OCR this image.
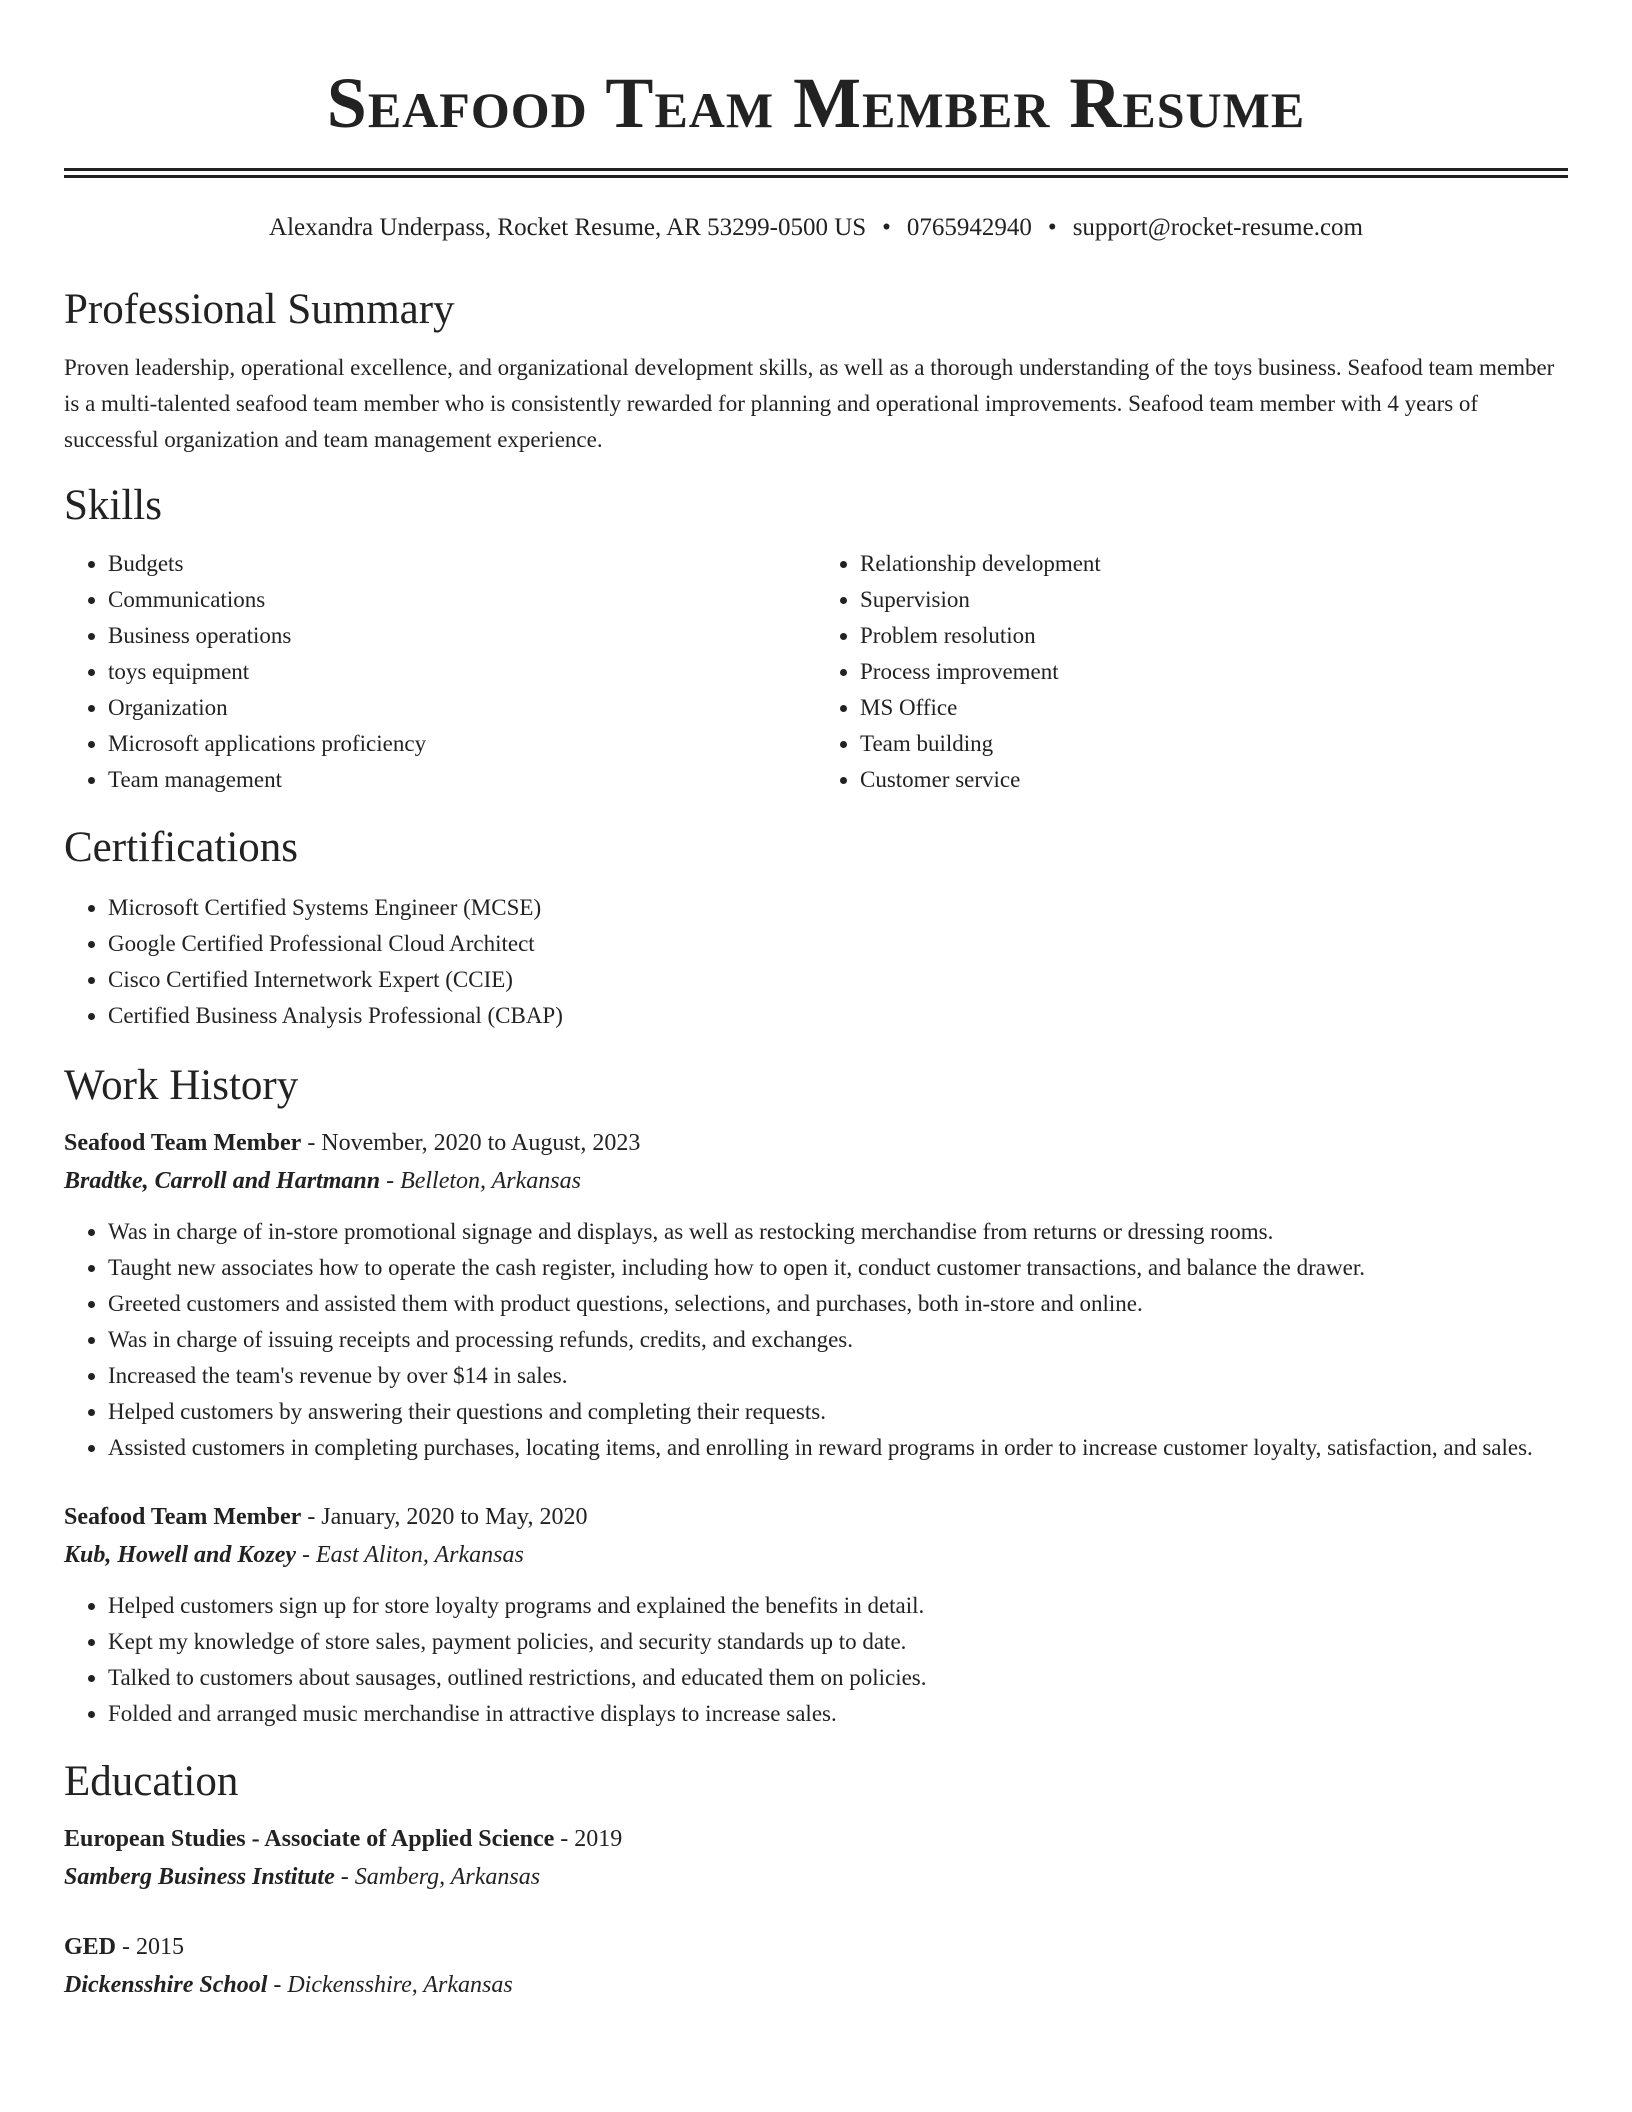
Seafood Team Member Resume
Alexandra Underpass, Rocket Resume, AR 53299-0500 US • 0765942940 • support@rocket-resume.com
Professional Summary

Proven leadership, operational excellence, and organizational development skills, as well as a thorough understanding of the toys business. Seafood team member is a multi-talented seafood team member who is consistently rewarded for planning and operational improvements. Seafood team member with 4 years of successful organization and team management experience.

Skills
• Budgets
• Communications
• Business operations
• toys equipment
• Organization
• Microsoft applications proficiency
• Team management
• Relationship development
• Supervision
• Problem resolution
• Process improvement
• MS Office
• Team building
• Customer service
Certifications
• Microsoft Certified Systems Engineer (MCSE)
• Google Certified Professional Cloud Architect
• Cisco Certified Internetwork Expert (CCIE)
• Certified Business Analysis Professional (CBAP)
Work History
Seafood Team Member - November, 2020 to August, 2023
Bradtke, Carroll and Hartmann - Belleton, Arkansas
• Was in charge of in-store promotional signage and displays, as well as restocking merchandise from returns or dressing rooms.
• Taught new associates how to operate the cash register, including how to open it, conduct customer transactions, and balance the drawer.
• Greeted customers and assisted them with product questions, selections, and purchases, both in-store and online.
• Was in charge of issuing receipts and processing refunds, credits, and exchanges.
• Increased the team's revenue by over $14 in sales.
• Helped customers by answering their questions and completing their requests.
• Assisted customers in completing purchases, locating items, and enrolling in reward programs in order to increase customer loyalty, satisfaction, and sales.
Seafood Team Member - January, 2020 to May, 2020
Kub, Howell and Kozey - East Aliton, Arkansas
• Helped customers sign up for store loyalty programs and explained the benefits in detail.
• Kept my knowledge of store sales, payment policies, and security standards up to date.
• Talked to customers about sausages, outlined restrictions, and educated them on policies.
• Folded and arranged music merchandise in attractive displays to increase sales.
Education
European Studies - Associate of Applied Science - 2019
Samberg Business Institute - Samberg, Arkansas
GED - 2015
Dickensshire School - Dickensshire, Arkansas
